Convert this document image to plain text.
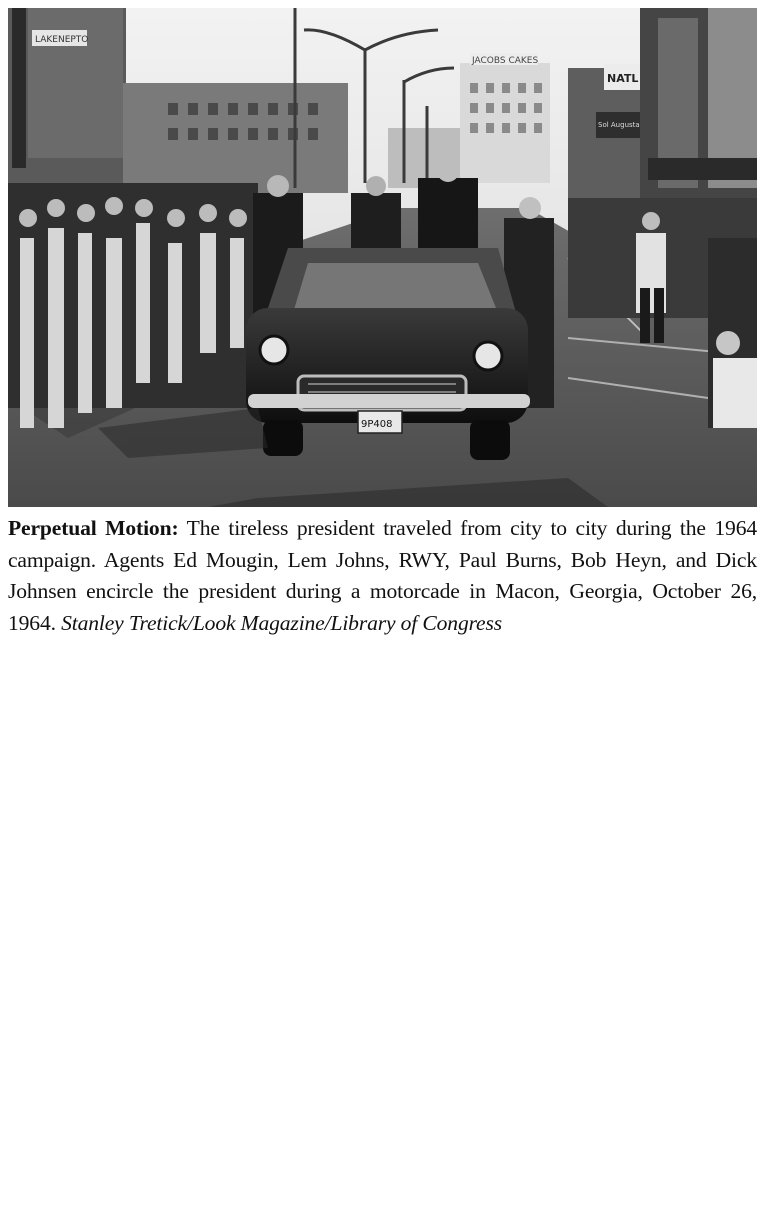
LAKENEPTO
JACOBS CAKES
NATL
Sol Augusta
9P408
Perpetual Motion: The tireless president traveled from city to city during the 1964 campaign. Agents Ed Mougin, Lem Johns, RWY, Paul Burns, Bob Heyn, and Dick Johnsen encircle the president during a motorcade in Macon, Georgia, October 26, 1964. Stanley Tretick/Look Magazine/Library of Congress
